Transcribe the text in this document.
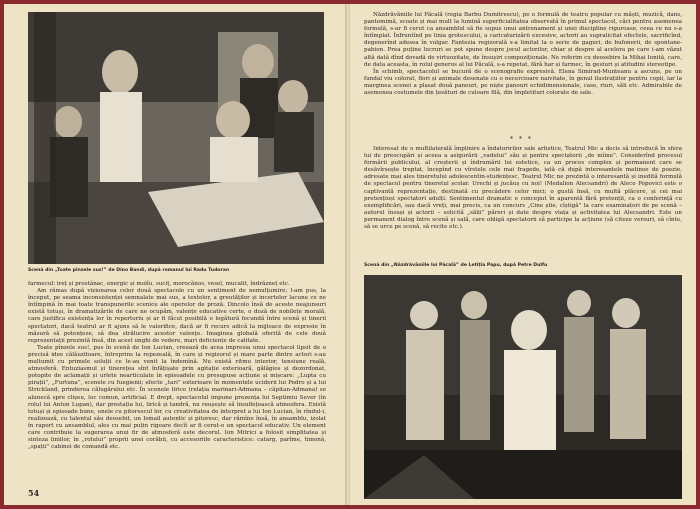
Scenă din „Toate pînzele sus!” de Dino Bandi, după romanul lui Radu Tudoran

farmecul: ireț și prostănac, energic și molîu, suciț, morocănos, vesel, mucalit, îndrăzneț etc.

Am rămas după vizionarea celor două spectacole cu un sentiment de nemulțumire; l-am pus, la început, pe seama inconsistenței semnalate mai sus, a textelor, a greutăților și incertelor lacune ce ne întîmpină în mai toate transpunerile scenice ale operelor de proză. Dincolo însă de aceste neajunsuri există totuși, în dramatizările de care ne ocupăm, valențe educative certe, o doză de nobilețe morală, care justifica existența lor în repertoriu și ar fi făcut posibilă o legătură fecundă între scenă și tinerii spectatori, dacă teatrul ar fi ajuns să le valorifice, dacă ar fi recurs adică la mijloace de expresie în măsură să potențeze, să dea strălucire acestor valențe. Imaginea globală oferită de cele două reprezentații prezintă însă, din acest unghi de vedere, mari deficiențe de calitate.

Toate pînzele sus!, pus în scenă de Ion Lucian, creează de acea impresia unui spectacol lipsit de o precisă idee călăuzitoare, întreprins la repezeală, în care și regizorul și mare parte dintre actori s-au multumit cu primele soluții ce le-au venit la îndemînă. Nu există ritmu interior, tensiune reală, atmosferă. Entuziasmul și tinerețea sînt înfățișate prin agitație exterioară, gălăgios și dezordonat, potopite de aclamații și urlete nearticulate în episoadele cu presupuse acțiune și mișcare: „Lupta cu pirații”, „Furtuna”, scenele cu fuegienii; efecte „tari” exterioare în momentele uciderii lui Podro și a lui Strickland, prinderea călugărului etc. În scenele lirice (relația marinari-Admana – căpitan-Admana) se alunecă spre clișeu, loc comun, artificial. E drept, spectacolul impune prezența lui Septimiu Sever (în rolul lui Anton Lupan), dar prestația lui, lirică și tandră, nu reușește să însuflețească atmosfera. Există totuși și episoade bune, unele cu pitorescul lor, cu creativitatea de interpret a lui Ion Lucian, în rîndul-i, realizează, cu talentul său deosebit, un Ismail autentic și pitoresc, dar rămîne însă, în ansamblu, izolat în raport cu ansamblul, ales cu mai puțin rigoare decît ar fi cerut-o un spectacol educativ. Un element care contribuie la sugerarea unui fir de atmosferă este decorul. Ion Mitrici a folosit simplitatea și sinteza liniilor, în „rolului” proprii unei corăbii, cu accesoriile caracteristice: catarg, parîme, timonă, „spații” cabinei de comandă etc.

54

Năzdrăvăniile lui Păcală (regia Barbu Dumitrescu), pe o formulă de teatru popular cu măști, muzică, dans, pantomimă, scoate și mai mult la lumină superficialitatea observată în primul spectacol, căci pentru asemenea formulă, s-ar fi cerut ca ansamblul să fie supus unui antrenament și unei discipline riguroase, ceea ce nu s-a întîmplat. Înfruntînd pe linia grotescului, a caricaturizării excesive, actorii au supralicitat efectele, sacrificînd, degenerînd adesea în vulgar. Fantezia regizorală s-a limitat la o serie de gaguri, de bufonerii, de spontane-pabion. Prea puține lucruri se pot spune despre jocul actorilor, chiar și despre al acelora pe care i-am văzut altă dată dînd dovadă de virtuozitate, de însușiri compoziționale. Ne referim cu deosebire la Mihai Ionită, care, de data aceasta, în rolul generos al lui Păcală, s-a repetat, fără har și farmec, în gesturi și atitudini stereotipe.

În schimb, spectacolul se bucură de o scenografie expresivă. Elena Simirad-Munteanu a ascuns, pe un fundal viu colorat, flori și animale desenate cu o necercioare naivitate, în genul ilustrațiilor pentru copii, iar la marginea scenei a plasat două panouri, pe niște panouri echidimensionale, case, riuri, săli etc. Admirabile de asemenea costumele din țesături de culoare filă, din împletituri colorate de sale.

* * *

Interesat de o multilaterală împlinire a îndatoririlor sale artistice, Teatrul Mic a decis să introducă în sfera lui de preocupări și aceea a asigurării „vadului” său și pentru spectatorii „de mîine”. Considerînd procesul formării publicului, al creșterii și îndrumării lui estetice, ca un proces complex și permanent care se desăvîrșește treptat, începînd cu vîrstele cele mai fragede, iată că după interesantele matinee de poezie, adresate mai ales tineretului adolescentin-studențesc, Teatrul Mic ne prezintă o interesantă și inedită formulă de spectacol pentru tineretul școlar. Urechi și jucăuș cu noi! (Medalion Alecsandri) de Aleco Popovici este o captivantă reprezentație, destinată cu precădere celor mici; o gustă însă, cu multă plăcere, și cei mai pretențioși spectatori adulți. Sentimentul dramatic e conceput în aparentă fără pretenții, ca o conferință cu exemplificări, sau dacă vreți, mai precis, ca un concurs „Cine știe, cîștigă” la care examinatori de pe scenă – autorul însuși și actorii – solicită „sălii” păreri și date despre viața și activitatea lui Alecsandri. Este un permanent dialog între scenă și sală, care obligă spectatorii să participe la acțiune (să citeze versuri, să cînte, să se urce pe scenă, să recite etc.).

Scenă din „Năzdrăvăniile lui Păcală” de Letiția Papu, după Petre Dulfu
